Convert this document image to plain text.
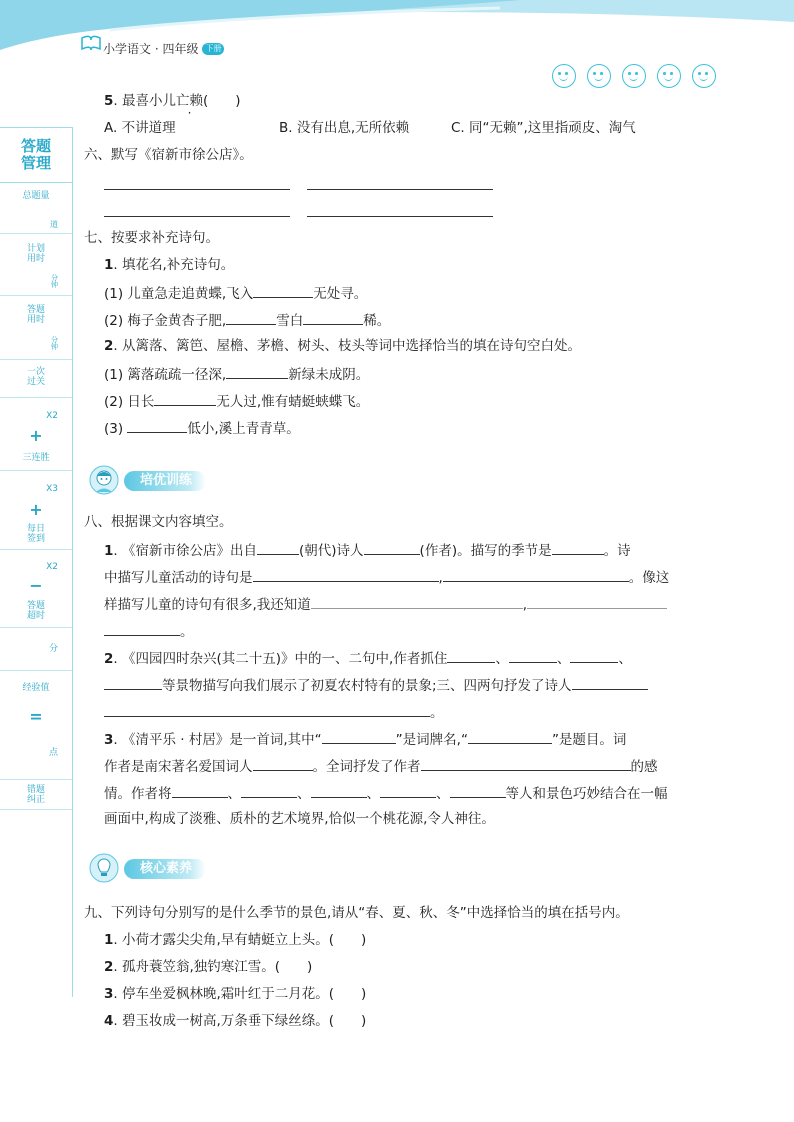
小学语文 · 四年级 下册
答题
管理
总题量
道
计划
用时
分
钟
答题
用时
分
钟
一次
过关
X2
+
三连胜
X3
+
每日
签到
X2
−
答题
超时
分
经验值
=
点
错题
纠正
5. 最喜小儿亡赖(　　)
A. 不讲道理	B. 没有出息,无所依赖	C. 同“无赖”,这里指顽皮、淘气
六、默写《宿新市徐公店》。
七、按要求补充诗句。
1. 填花名,补充诗句。
(1) 儿童急走追黄蝶,飞入	无处寻。
(2) 梅子金黄杏子肥,	雪白	稀。
2. 从篱落、篱笆、屋檐、茅檐、树头、枝头等词中选择恰当的填在诗句空白处。
(1) 篱落疏疏一径深,	新绿未成阴。
(2) 日长	无人过,惟有蜻蜓蛱蝶飞。
(3)	低小,溪上青青草。
培优训练
八、根据课文内容填空。
1. 《宿新市徐公店》出自	(朝代)诗人	(作者)。描写的季节是	。诗
中描写儿童活动的诗句是	,	。像这
样描写儿童的诗句有很多,我还知道	,
。
2. 《四园四时杂兴(其二十五)》中的一、二句中,作者抓住	、	、	、
等景物描写向我们展示了初夏农村特有的景象;三、四两句抒发了诗人
。
3. 《清平乐 · 村居》是一首词,其中“	”是词牌名,“	”是题目。词
作者是南宋著名爱国词人	。全词抒发了作者	的感
情。作者将	、	、	、	、	等人和景色巧妙结合在一幅
画面中,构成了淡雅、质朴的艺术境界,恰似一个桃花源,令人神往。
核心素养
九、下列诗句分别写的是什么季节的景色,请从“春、夏、秋、冬”中选择恰当的填在括号内。
1. 小荷才露尖尖角,早有蜻蜓立上头。(　　)
2. 孤舟蓑笠翁,独钓寒江雪。(　　)
3. 停车坐爱枫林晚,霜叶红于二月花。(　　)
4. 碧玉妆成一树高,万条垂下绿丝绦。(　　)
